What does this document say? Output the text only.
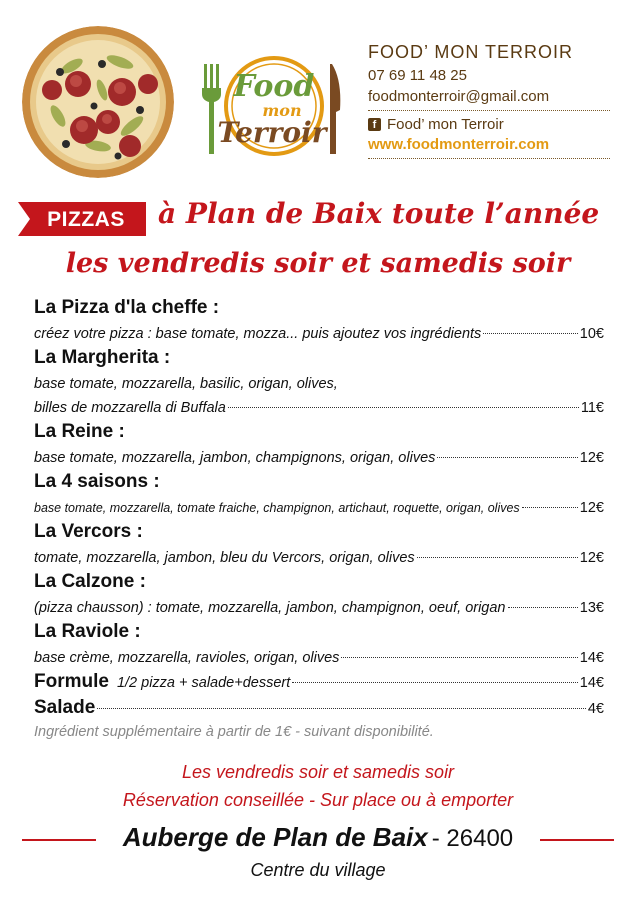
Food
mon
Terroir
FOOD’ MON TERROIR
07 69 11 48 25
foodmonterroir@gmail.com
f Food’ mon Terroir
www.foodmonterroir.com
PIZZAS	à Plan de Baix toute l’année
les vendredis soir et samedis soir
La Pizza d'la cheffe :
créez votre pizza : base tomate, mozza... puis ajoutez vos ingrédients	10€
La Margherita :
base tomate, mozzarella, basilic, origan, olives,
billes de mozzarella di Buffala	11€
La Reine :
base tomate, mozzarella, jambon, champignons, origan, olives	12€
La 4 saisons :
base tomate, mozzarella, tomate fraiche, champignon, artichaut, roquette, origan, olives	12€
La Vercors :
tomate, mozzarella, jambon, bleu du Vercors, origan, olives	12€
La Calzone :
(pizza chausson) : tomate, mozzarella, jambon, champignon, oeuf, origan	13€
La Raviole :
base crème, mozzarella, ravioles, origan, olives	14€
Formule 1/2 pizza + salade+dessert	14€
Salade	4€
Ingrédient supplémentaire à partir de 1€ - suivant disponibilité.
Les vendredis soir et samedis soir
Réservation conseillée - Sur place ou à emporter
Auberge de Plan de Baix - 26400
Centre du village
